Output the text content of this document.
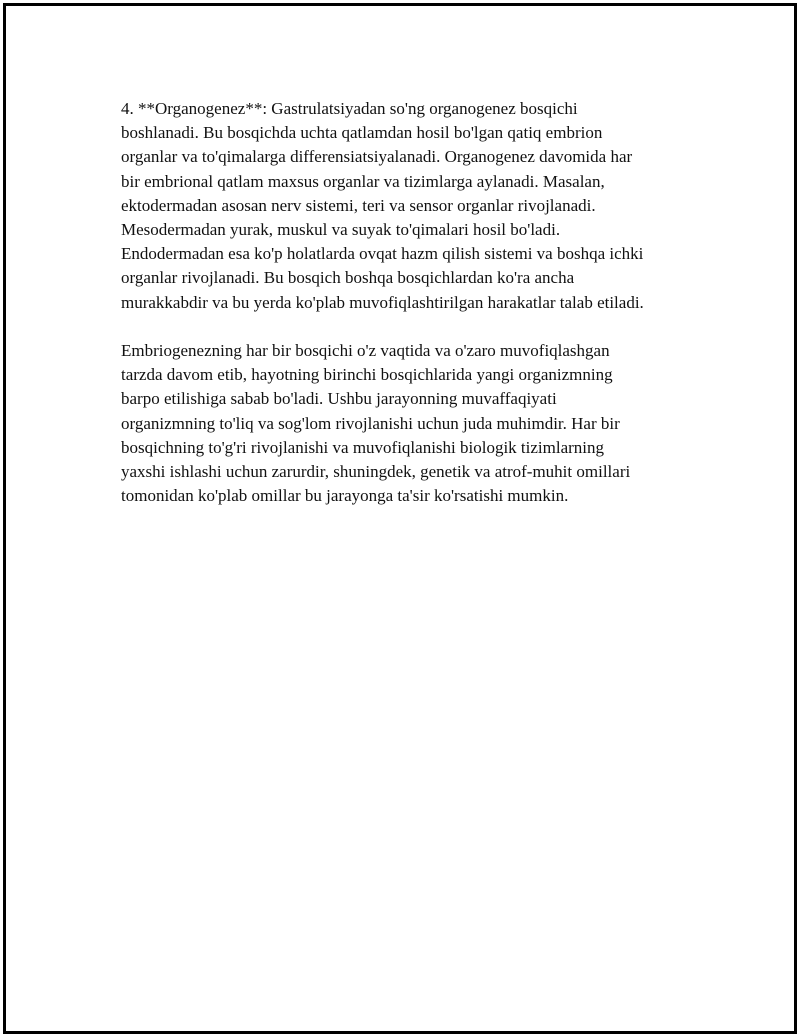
4. **Organogenez**: Gastrulatsiyadan so'ng organogenez bosqichi
boshlanadi. Bu bosqichda uchta qatlamdan hosil bo'lgan qatiq embrion
organlar va to'qimalarga differensiatsiyalanadi. Organogenez davomida har
bir embrional qatlam maxsus organlar va tizimlarga aylanadi. Masalan,
ektodermadan asosan nerv sistemi, teri va sensor organlar rivojlanadi.
Mesodermadan yurak, muskul va suyak to'qimalari hosil bo'ladi.
Endodermadan esa ko'p holatlarda ovqat hazm qilish sistemi va boshqa ichki
organlar rivojlanadi. Bu bosqich boshqa bosqichlardan ko'ra ancha
murakkabdir va bu yerda ko'plab muvofiqlashtirilgan harakatlar talab etiladi.

Embriogenezning har bir bosqichi o'z vaqtida va o'zaro muvofiqlashgan
tarzda davom etib, hayotning birinchi bosqichlarida yangi organizmning
barpo etilishiga sabab bo'ladi. Ushbu jarayonning muvaffaqiyati
organizmning to'liq va sog'lom rivojlanishi uchun juda muhimdir. Har bir
bosqichning to'g'ri rivojlanishi va muvofiqlanishi biologik tizimlarning
yaxshi ishlashi uchun zarurdir, shuningdek, genetik va atrof-muhit omillari
tomonidan ko'plab omillar bu jarayonga ta'sir ko'rsatishi mumkin.
